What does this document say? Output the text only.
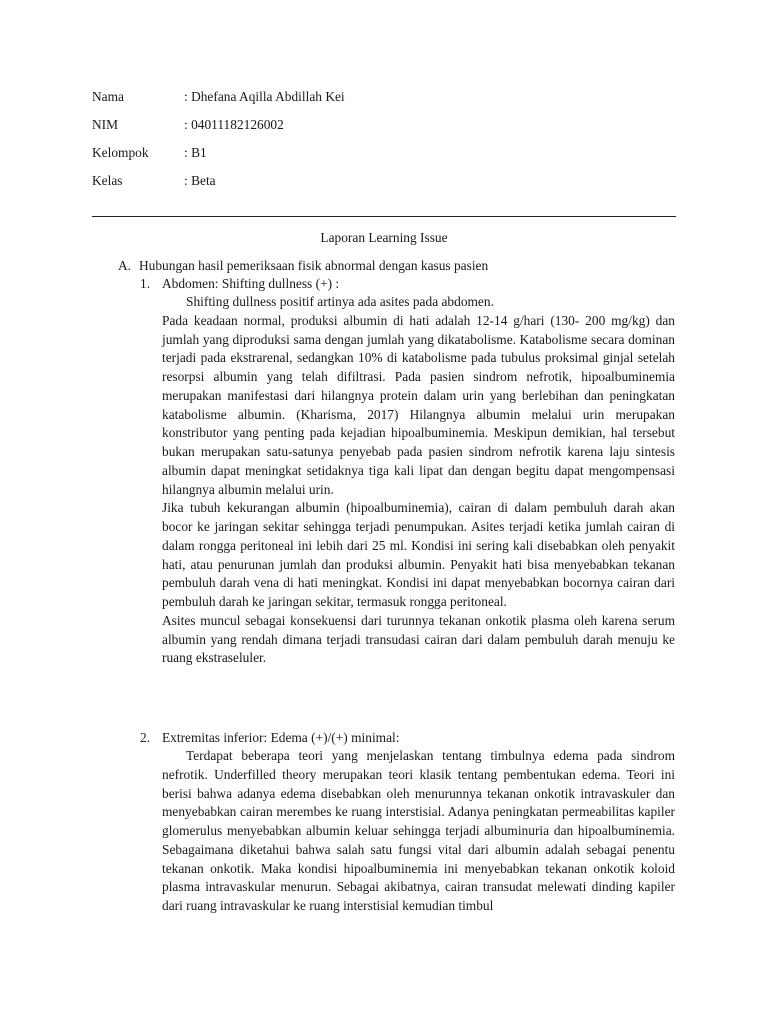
Nama	: Dhefana Aqilla Abdillah Kei
NIM	: 04011182126002
Kelompok	: B1
Kelas	: Beta
Laporan Learning Issue
A. Hubungan hasil pemeriksaan fisik abnormal dengan kasus pasien
1. Abdomen: Shifting dullness (+) :

Shifting dullness positif artinya ada asites pada abdomen.

Pada keadaan normal, produksi albumin di hati adalah 12-14 g/hari (130- 200 mg/kg) dan jumlah yang diproduksi sama dengan jumlah yang dikatabolisme. Katabolisme secara dominan terjadi pada ekstrarenal, sedangkan 10% di katabolisme pada tubulus proksimal ginjal setelah resorpsi albumin yang telah difiltrasi. Pada pasien sindrom nefrotik, hipoalbuminemia merupakan manifestasi dari hilangnya protein dalam urin yang berlebihan dan peningkatan katabolisme albumin. (Kharisma, 2017) Hilangnya albumin melalui urin merupakan konstributor yang penting pada kejadian hipoalbuminemia. Meskipun demikian, hal tersebut bukan merupakan satu-satunya penyebab pada pasien sindrom nefrotik karena laju sintesis albumin dapat meningkat setidaknya tiga kali lipat dan dengan begitu dapat mengompensasi hilangnya albumin melalui urin.

Jika tubuh kekurangan albumin (hipoalbuminemia), cairan di dalam pembuluh darah akan bocor ke jaringan sekitar sehingga terjadi penumpukan. Asites terjadi ketika jumlah cairan di dalam rongga peritoneal ini lebih dari 25 ml. Kondisi ini sering kali disebabkan oleh penyakit hati, atau penurunan jumlah dan produksi albumin. Penyakit hati bisa menyebabkan tekanan pembuluh darah vena di hati meningkat. Kondisi ini dapat menyebabkan bocornya cairan dari pembuluh darah ke jaringan sekitar, termasuk rongga peritoneal.

Asites muncul sebagai konsekuensi dari turunnya tekanan onkotik plasma oleh karena serum albumin yang rendah dimana terjadi transudasi cairan dari dalam pembuluh darah menuju ke ruang ekstraseluler.

2. Extremitas inferior: Edema (+)/(+) minimal:

Terdapat beberapa teori yang menjelaskan tentang timbulnya edema pada sindrom nefrotik. Underfilled theory merupakan teori klasik tentang pembentukan edema. Teori ini berisi bahwa adanya edema disebabkan oleh menurunnya tekanan onkotik intravaskuler dan menyebabkan cairan merembes ke ruang interstisial. Adanya peningkatan permeabilitas kapiler glomerulus menyebabkan albumin keluar sehingga terjadi albuminuria dan hipoalbuminemia. Sebagaimana diketahui bahwa salah satu fungsi vital dari albumin adalah sebagai penentu tekanan onkotik. Maka kondisi hipoalbuminemia ini menyebabkan tekanan onkotik koloid plasma intravaskular menurun. Sebagai akibatnya, cairan transudat melewati dinding kapiler dari ruang intravaskular ke ruang interstisial kemudian timbul
